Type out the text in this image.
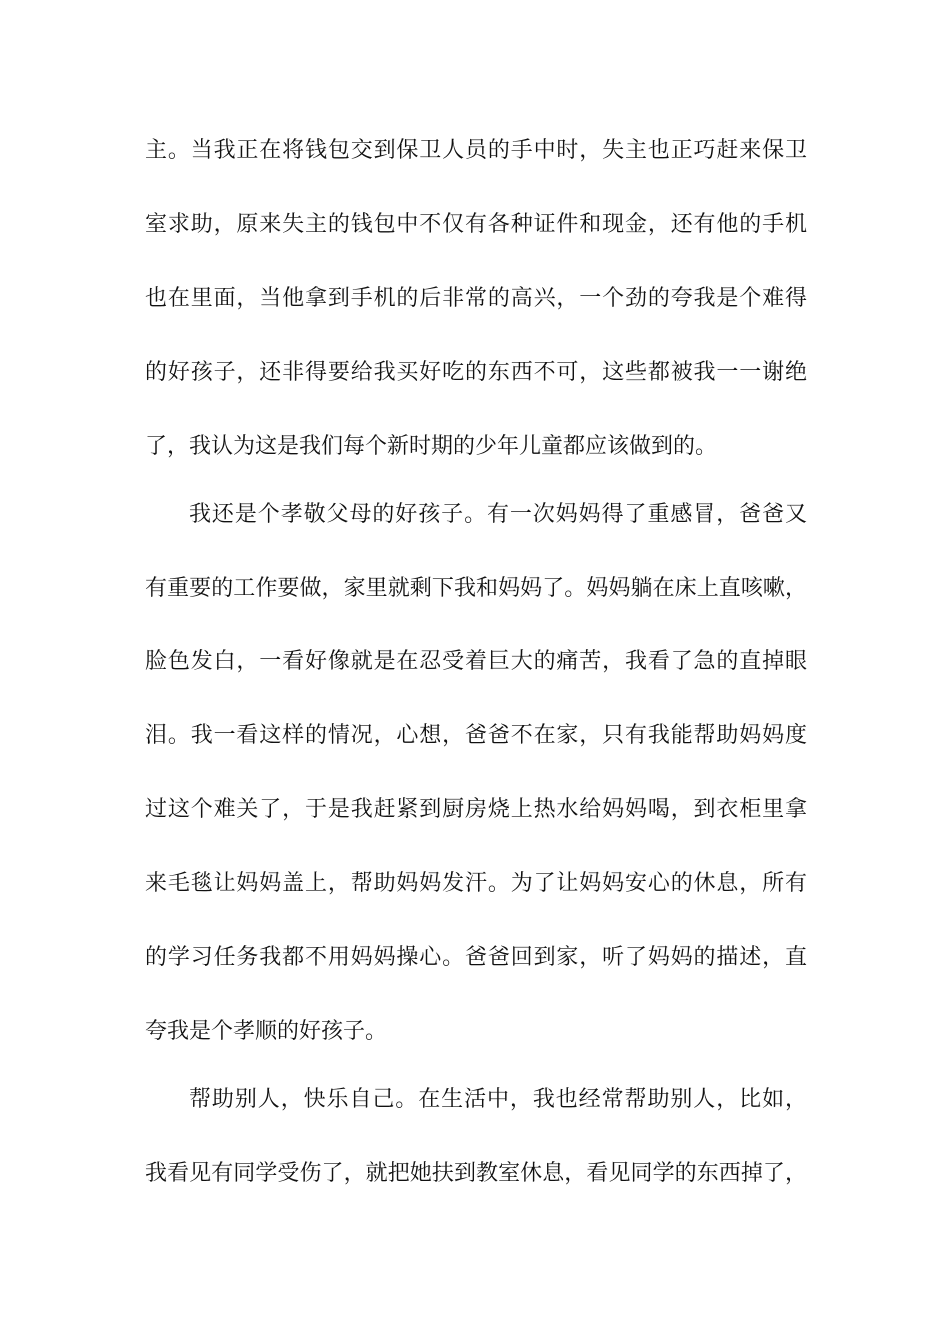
主。当我正在将钱包交到保卫人员的手中时，失主也正巧赶来保卫
室求助，原来失主的钱包中不仅有各种证件和现金，还有他的手机
也在里面，当他拿到手机的后非常的高兴，一个劲的夸我是个难得
的好孩子，还非得要给我买好吃的东西不可，这些都被我一一谢绝
了，我认为这是我们每个新时期的少年儿童都应该做到的。
我还是个孝敬父母的好孩子。有一次妈妈得了重感冒，爸爸又
有重要的工作要做，家里就剩下我和妈妈了。妈妈躺在床上直咳嗽，
脸色发白，一看好像就是在忍受着巨大的痛苦，我看了急的直掉眼
泪。我一看这样的情况，心想，爸爸不在家，只有我能帮助妈妈度
过这个难关了，于是我赶紧到厨房烧上热水给妈妈喝，到衣柜里拿
来毛毯让妈妈盖上，帮助妈妈发汗。为了让妈妈安心的休息，所有
的学习任务我都不用妈妈操心。爸爸回到家，听了妈妈的描述，直
夸我是个孝顺的好孩子。
帮助别人，快乐自己。在生活中，我也经常帮助别人，比如，
我看见有同学受伤了，就把她扶到教室休息，看见同学的东西掉了，
